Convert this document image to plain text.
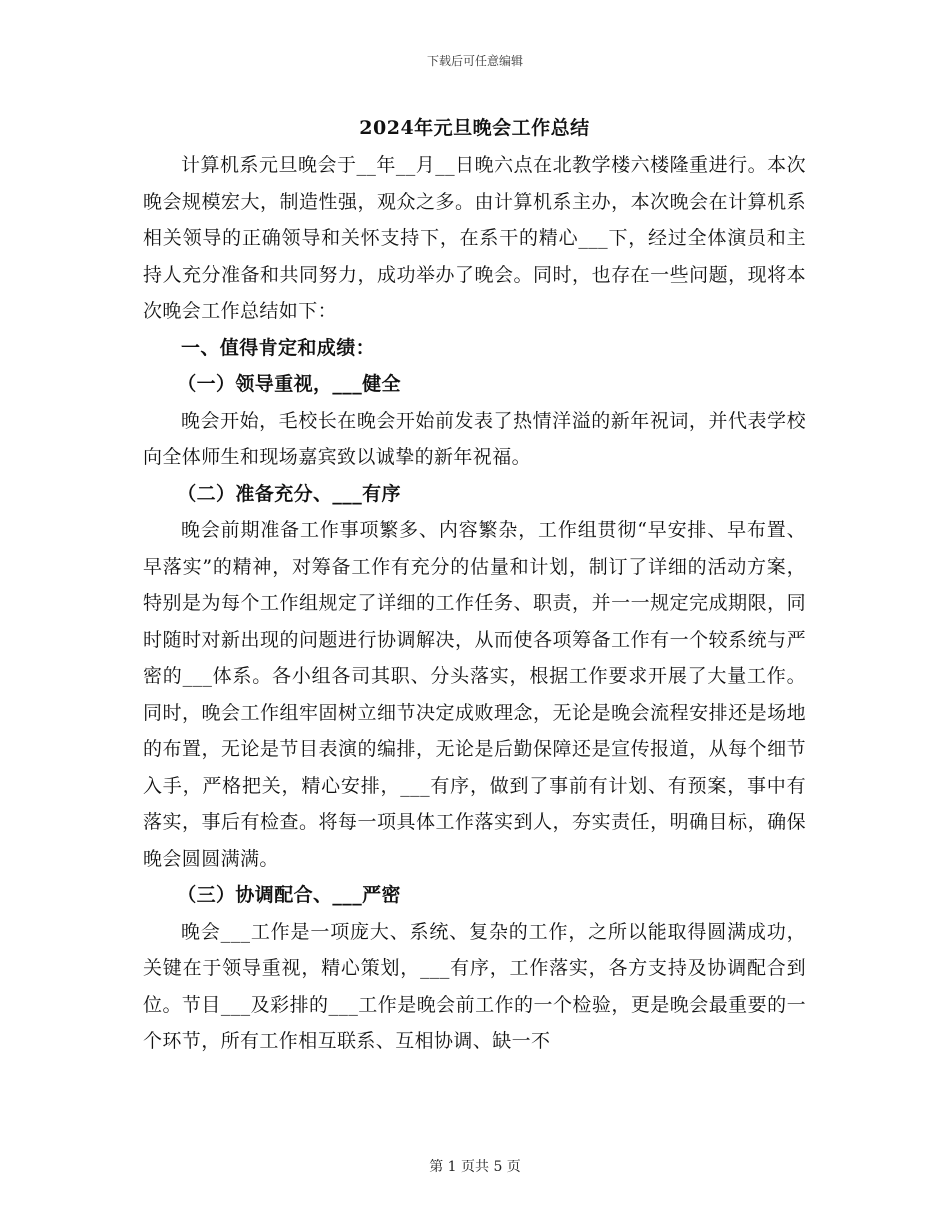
下载后可任意编辑
2024年元旦晚会工作总结

计算机系元旦晚会于__年__月__日晚六点在北教学楼六楼隆重进行。本次晚会规模宏大，制造性强，观众之多。由计算机系主办，本次晚会在计算机系相关领导的正确领导和关怀支持下，在系干的精心___下，经过全体演员和主持人充分准备和共同努力，成功举办了晚会。同时，也存在一些问题，现将本次晚会工作总结如下：

一、值得肯定和成绩：
（一）领导重视，___健全

晚会开始，毛校长在晚会开始前发表了热情洋溢的新年祝词，并代表学校向全体师生和现场嘉宾致以诚挚的新年祝福。

（二）准备充分、___有序

晚会前期准备工作事项繁多、内容繁杂，工作组贯彻“早安排、早布置、早落实”的精神，对筹备工作有充分的估量和计划，制订了详细的活动方案，特别是为每个工作组规定了详细的工作任务、职责，并一一规定完成期限，同时随时对新出现的问题进行协调解决，从而使各项筹备工作有一个较系统与严密的___体系。各小组各司其职、分头落实，根据工作要求开展了大量工作。同时，晚会工作组牢固树立细节决定成败理念，无论是晚会流程安排还是场地的布置，无论是节目表演的编排，无论是后勤保障还是宣传报道，从每个细节入手，严格把关，精心安排，___有序，做到了事前有计划、有预案，事中有落实，事后有检查。将每一项具体工作落实到人，夯实责任，明确目标，确保晚会圆圆满满。

（三）协调配合、___严密

晚会___工作是一项庞大、系统、复杂的工作，之所以能取得圆满成功，关键在于领导重视，精心策划，___有序，工作落实，各方支持及协调配合到位。节目___及彩排的___工作是晚会前工作的一个检验，更是晚会最重要的一个环节，所有工作相互联系、互相协调、缺一不

第 1 页共 5 页
